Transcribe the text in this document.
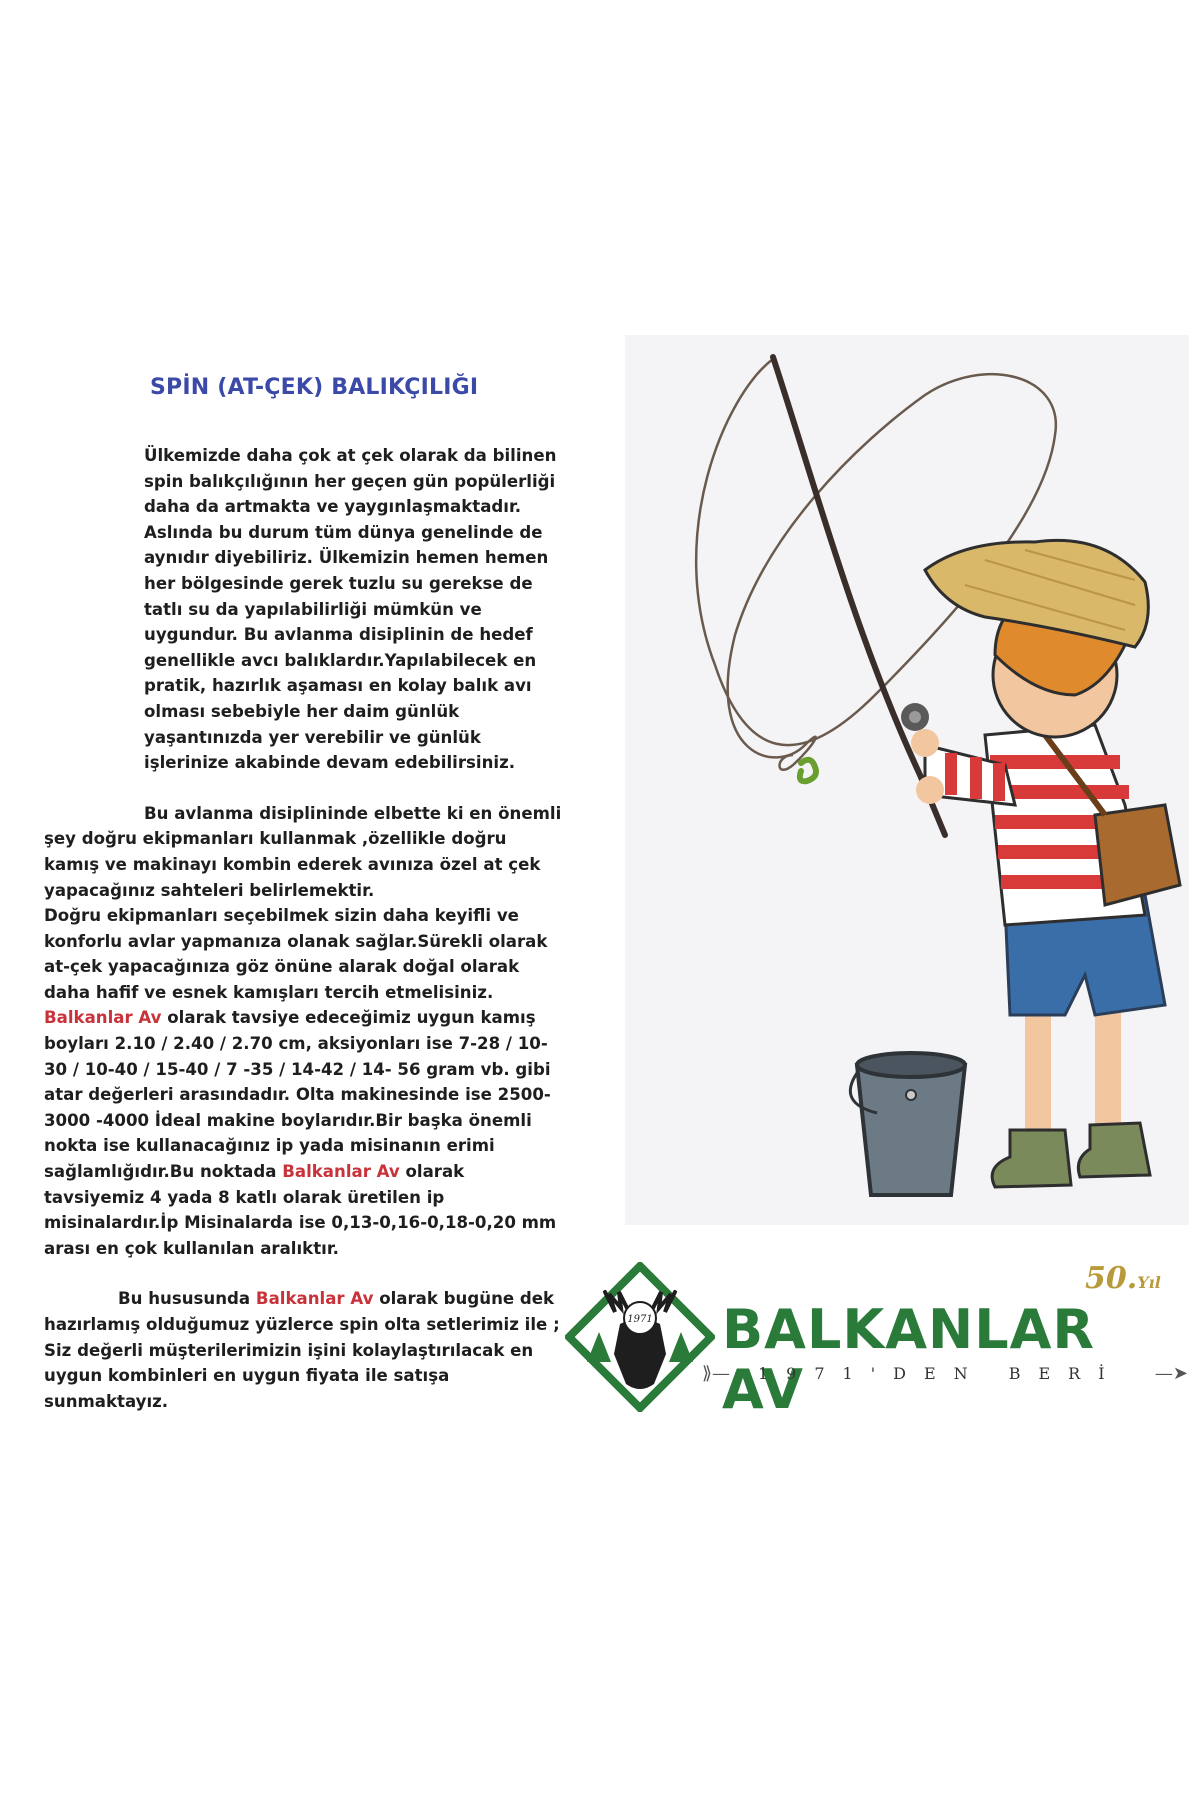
SPİN (AT-ÇEK) BALIKÇILIĞI

Ülkemizde daha çok at çek olarak da bilinen spin balıkçılığının her geçen gün popülerliği daha da artmakta ve yaygınlaşmaktadır. Aslında bu durum tüm dünya genelinde de aynıdır diyebiliriz. Ülkemizin hemen hemen her bölgesinde gerek tuzlu su gerekse de tatlı su da yapılabilirliği mümkün ve uygundur. Bu avlanma disiplinin de hedef genellikle avcı balıklardır.Yapılabilecek en pratik, hazırlık aşaması en kolay balık avı olması sebebiyle her daim günlük yaşantınızda yer verebilir ve günlük işlerinize akabinde devam edebilirsiniz.

Bu avlanma disiplininde elbette ki en önemli şey doğru ekipmanları kullanmak ,özellikle doğru kamış ve makinayı kombin ederek avınıza özel at çek yapacağınız sahteleri belirlemektir.
Doğru ekipmanları seçebilmek sizin daha keyifli ve konforlu avlar yapmanıza olanak sağlar.Sürekli olarak at-çek yapacağınıza göz önüne alarak doğal olarak daha hafif ve esnek kamışları tercih etmelisiniz. Balkanlar Av olarak tavsiye edeceğimiz uygun kamış boyları 2.10 / 2.40 / 2.70 cm, aksiyonları ise 7-28 / 10-30 / 10-40 / 15-40 / 7 -35 / 14-42 / 14- 56 gram vb. gibi atar değerleri arasındadır. Olta makinesinde ise 2500-3000 -4000 İdeal makine boylarıdır.Bir başka önemli nokta ise kullanacağınız ip yada misinanın erimi sağlamlığıdır.Bu noktada Balkanlar Av olarak tavsiyemiz 4 yada 8 katlı olarak üretilen ip misinalardır.İp Misinalarda ise 0,13-0,16-0,18-0,20 mm arası en çok kullanılan aralıktır.

Bu hususunda Balkanlar Av olarak bugüne dek hazırlamış olduğumuz yüzlerce spin olta setlerimiz ile ; Siz değerli müşterilerimizin işini kolaylaştırılacak en uygun kombinleri en uygun fiyata ile satışa sunmaktayız.

1971
50.Yıl
BALKANLAR AV
⟫— 1971'DEN BERİ —➤
